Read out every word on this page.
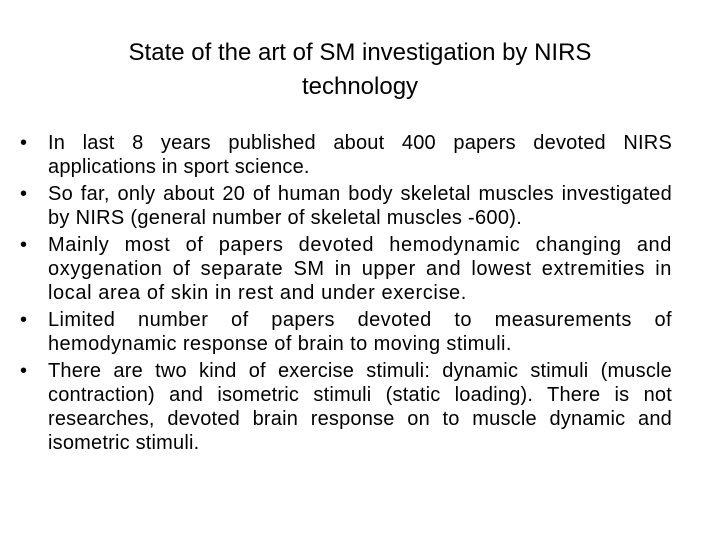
State of the art of SM investigation by NIRS
technology
•	In last 8 years published about 400 papers devoted NIRS applications in sport science.
•	So far, only about 20 of human body skeletal muscles investigated by NIRS (general number of skeletal muscles -600).
•	Mainly most of papers devoted hemodynamic changing and oxygenation of separate SM in upper and lowest extremities in local area of skin in rest and under exercise.
•	Limited number of papers devoted to measurements of hemodynamic response of brain to moving stimuli.
•	There are two kind of exercise stimuli: dynamic stimuli (muscle contraction) and isometric stimuli (static loading). There is not researches, devoted brain response on to muscle dynamic and isometric stimuli.
